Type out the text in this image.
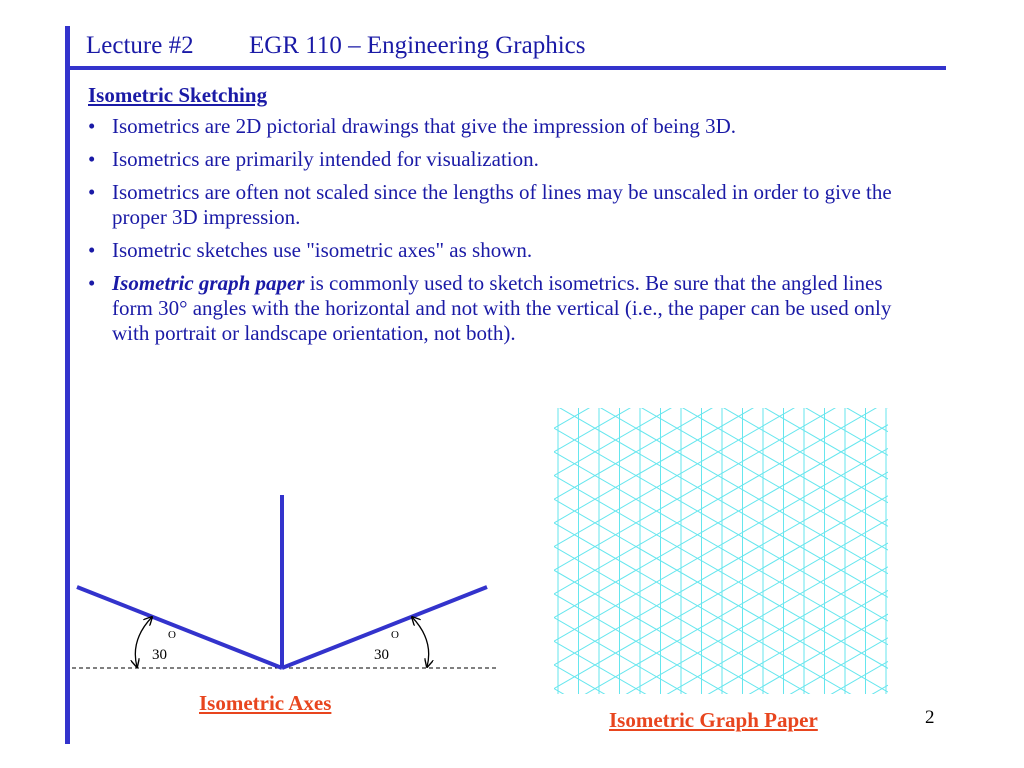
Lecture #2 EGR 110 – Engineering Graphics
Isometric Sketching
• Isometrics are 2D pictorial drawings that give the impression of being 3D.
• Isometrics are primarily intended for visualization.
• Isometrics are often not scaled since the lengths of lines may be unscaled in order to give the proper 3D impression.
• Isometric sketches use "isometric axes" as shown.
• Isometric graph paper is commonly used to sketch isometrics. Be sure that the angled lines form 30° angles with the horizontal and not with the vertical (i.e., the paper can be used only with portrait or landscape orientation, not both).
O
30
O
30
Isometric Axes
Isometric Graph Paper	2
